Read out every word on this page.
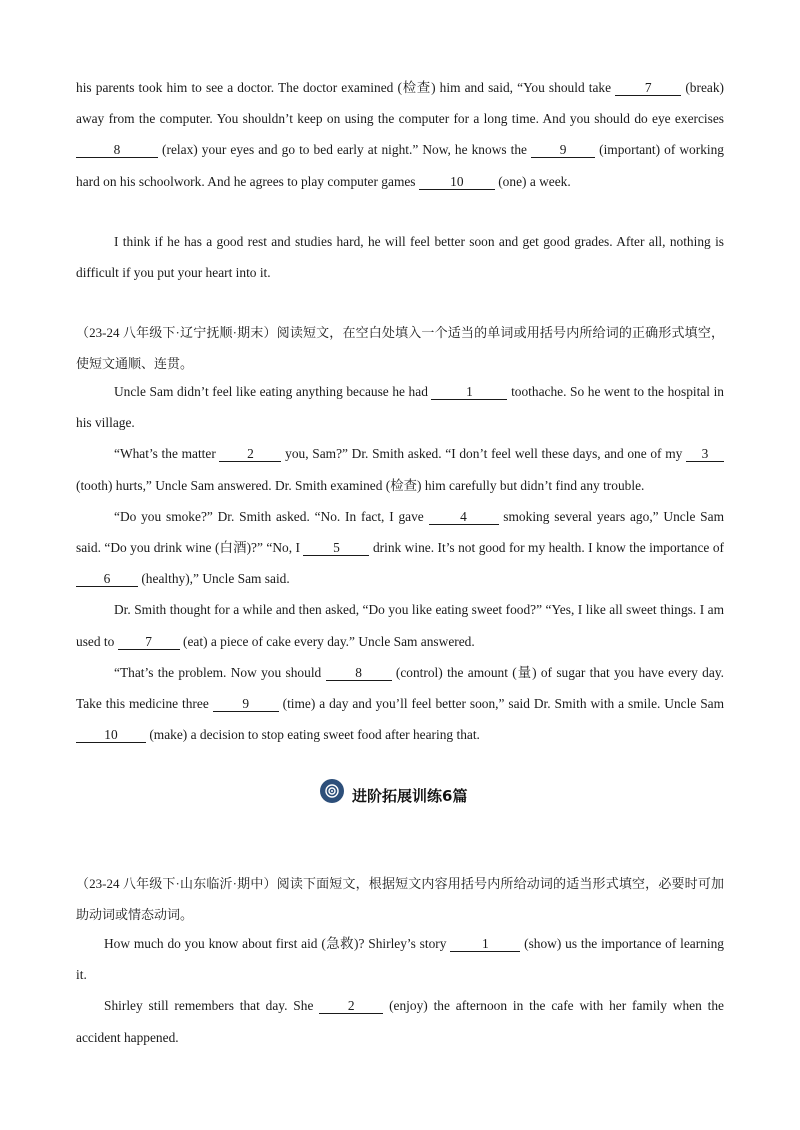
his parents took him to see a doctor. The doctor examined (检查) him and said, “You should take 7 (break) away from the computer. You shouldn’t keep on using the computer for a long time. And you should do eye exercises 8	(relax) your eyes and go to bed early at night.” Now, he knows the 9 (important) of working hard on his schoolwork. And he agrees to play computer games 10 (one) a week.

I think if he has a good rest and studies hard, he will feel better soon and get good grades. After all, nothing is difficult if you put your heart into it.

（23-24 八年级下·辽宁抚顺·期末）阅读短文，在空白处填入一个适当的单词或用括号内所给词的正确形式填空，使短文通顺、连贯。

Uncle Sam didn’t feel like eating anything because he had	1	toothache. So he went to the hospital in his village.

“What’s the matter 2 you, Sam?” Dr. Smith asked. “I don’t feel well these days, and one of my 3 (tooth) hurts,” Uncle Sam answered. Dr. Smith examined (检查) him carefully but didn’t find any trouble.

“Do you smoke?” Dr. Smith asked. “No. In fact, I gave 4 smoking several years ago,” Uncle Sam said. “Do you drink wine (白酒)?” “No, I 5 drink wine. It’s not good for my health. I know the importance of 6 (healthy),” Uncle Sam said.

Dr. Smith thought for a while and then asked, “Do you like eating sweet food?” “Yes, I like all sweet things. I am used to 7 (eat) a piece of cake every day.” Uncle Sam answered.

“That’s the problem. Now you should 8 (control) the amount (量) of sugar that you have every day. Take this medicine three 9 (time) a day and you’ll feel better soon,” said Dr. Smith with a smile. Uncle Sam 10 (make) a decision to stop eating sweet food after hearing that.

进阶拓展训练6篇

（23-24 八年级下·山东临沂·期中）阅读下面短文，根据短文内容用括号内所给动词的适当形式填空，必要时可加助动词或情态动词。

How much do you know about first aid (急救)? Shirley’s story 1 (show) us the importance of learning it.

Shirley still remembers that day. She 2 (enjoy) the afternoon in the cafe with her family when the accident happened.
